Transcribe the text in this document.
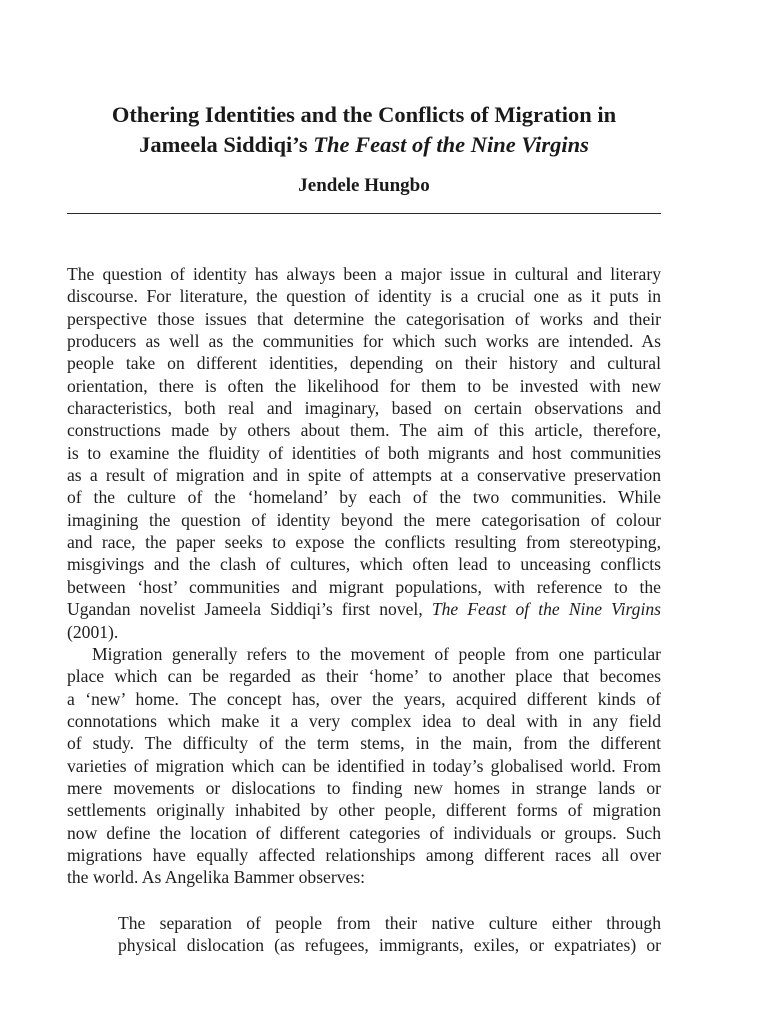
Othering Identities and the Conflicts of Migration in
Jameela Siddiqi’s The Feast of the Nine Virgins
Jendele Hungbo

The question of identity has always been a major issue in cultural and literary

discourse. For literature, the question of identity is a crucial one as it puts in

perspective those issues that determine the categorisation of works and their

producers as well as the communities for which such works are intended. As

people take on different identities, depending on their history and cultural

orientation, there is often the likelihood for them to be invested with new

characteristics, both real and imaginary, based on certain observations and

constructions made by others about them. The aim of this article, therefore,

is to examine the fluidity of identities of both migrants and host communities

as a result of migration and in spite of attempts at a conservative preservation

of the culture of the ‘homeland’ by each of the two communities. While

imagining the question of identity beyond the mere categorisation of colour

and race, the paper seeks to expose the conflicts resulting from stereotyping,

misgivings and the clash of cultures, which often lead to unceasing conflicts

between ‘host’ communities and migrant populations, with reference to the

Ugandan novelist Jameela Siddiqi’s first novel, The Feast of the Nine Virgins

(2001).

Migration generally refers to the movement of people from one particular

place which can be regarded as their ‘home’ to another place that becomes

a ‘new’ home. The concept has, over the years, acquired different kinds of

connotations which make it a very complex idea to deal with in any field

of study. The difficulty of the term stems, in the main, from the different

varieties of migration which can be identified in today’s globalised world. From

mere movements or dislocations to finding new homes in strange lands or

settlements originally inhabited by other people, different forms of migration

now define the location of different categories of individuals or groups. Such

migrations have equally affected relationships among different races all over

the world. As Angelika Bammer observes:

The separation of people from their native culture either through

physical dislocation (as refugees, immigrants, exiles, or expatriates) or
